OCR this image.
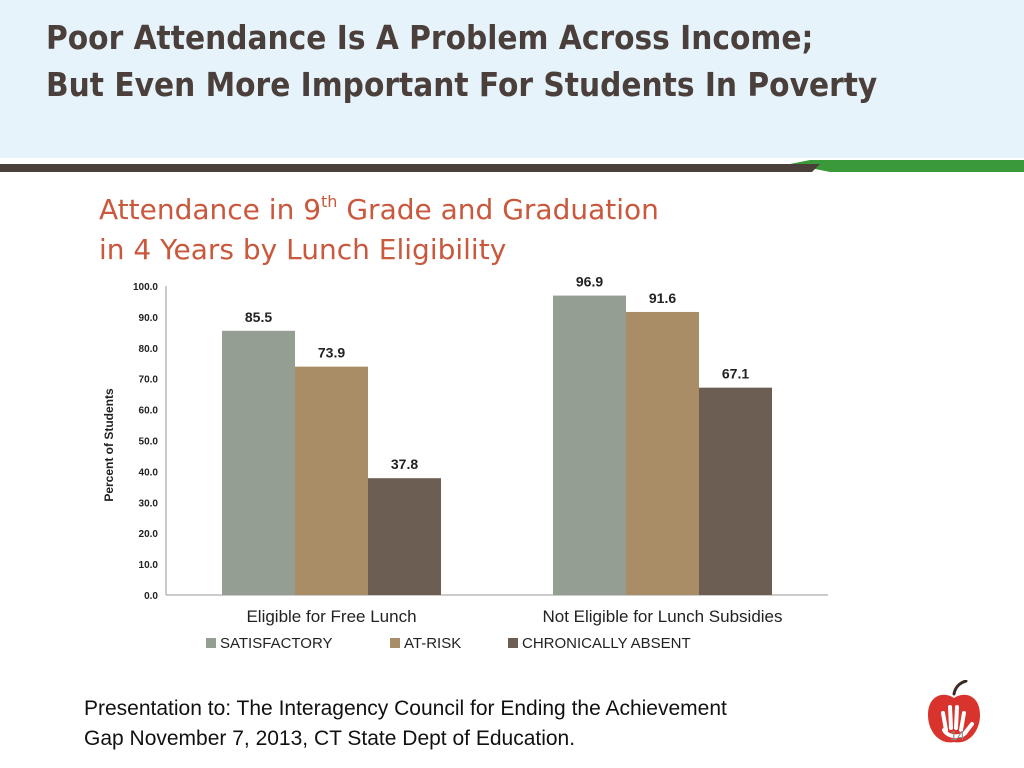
Poor Attendance Is A Problem Across Income;
But Even More Important For Students In Poverty
Attendance in 9th Grade and Graduation
in 4 Years by Lunch Eligibility
Percent of Students
0.0
10.0
20.0
30.0
40.0
50.0
60.0
70.0
80.0
90.0
100.0
85.5
73.9
37.8
Eligible for Free Lunch
96.9
91.6
67.1
Not Eligible for Lunch Subsidies
SATISFACTORY	AT-RISK	CHRONICALLY ABSENT
Presentation to: The Interagency Council for Ending the Achievement
Gap November 7, 2013, CT State Dept of Education.	14
